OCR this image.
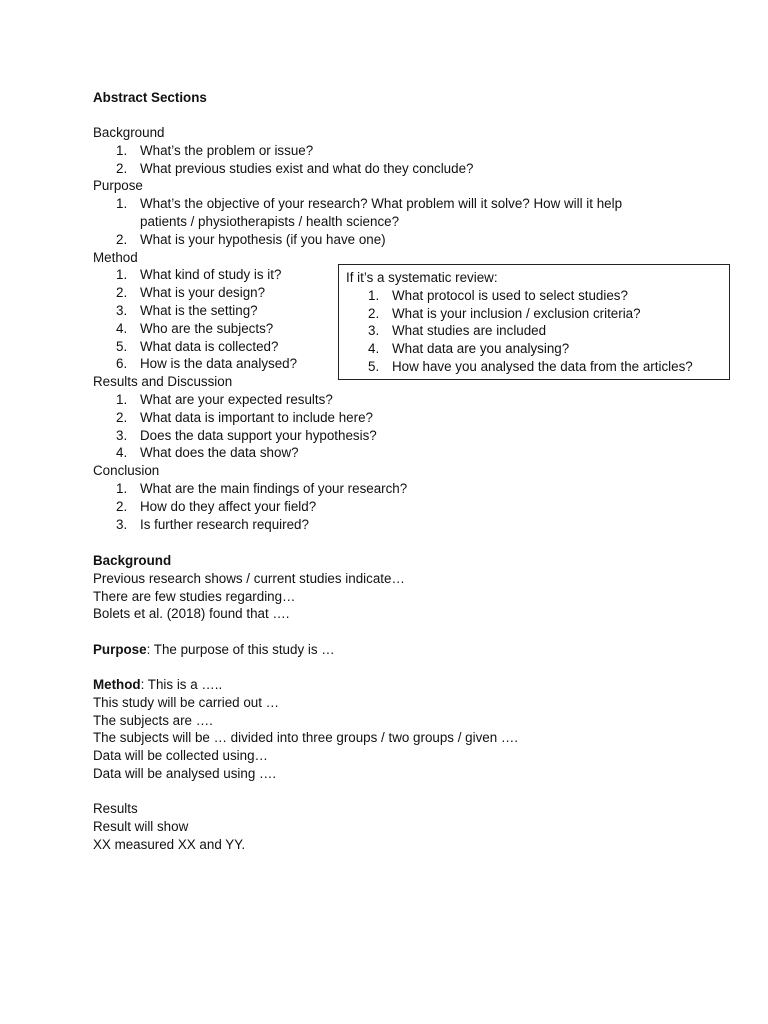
Abstract Sections
Background
1. What’s the problem or issue?
2. What previous studies exist and what do they conclude?
Purpose
1. What’s the objective of your research? What problem will it solve? How will it help patients / physiotherapists / health science?
2. What is your hypothesis (if you have one)
Method
1. What kind of study is it?
2. What is your design?
3. What is the setting?
4. Who are the subjects?
5. What data is collected?
6. How is the data analysed?
Results and Discussion
1. What are your expected results?
2. What data is important to include here?
3. Does the data support your hypothesis?
4. What does the data show?
Conclusion
1. What are the main findings of your research?
2. How do they affect your field?
3. Is further research required?
If it’s a systematic review:
1. What protocol is used to select studies?
2. What is your inclusion / exclusion criteria?
3. What studies are included
4. What data are you analysing?
5. How have you analysed the data from the articles?
Background
Previous research shows / current studies indicate…
There are few studies regarding…
Bolets et al. (2018) found that ….
Purpose: The purpose of this study is …
Method: This is a …..
This study will be carried out …
The subjects are ….
The subjects will be … divided into three groups / two groups / given ….
Data will be collected using…
Data will be analysed using ….
Results
Result will show
XX measured XX and YY.
